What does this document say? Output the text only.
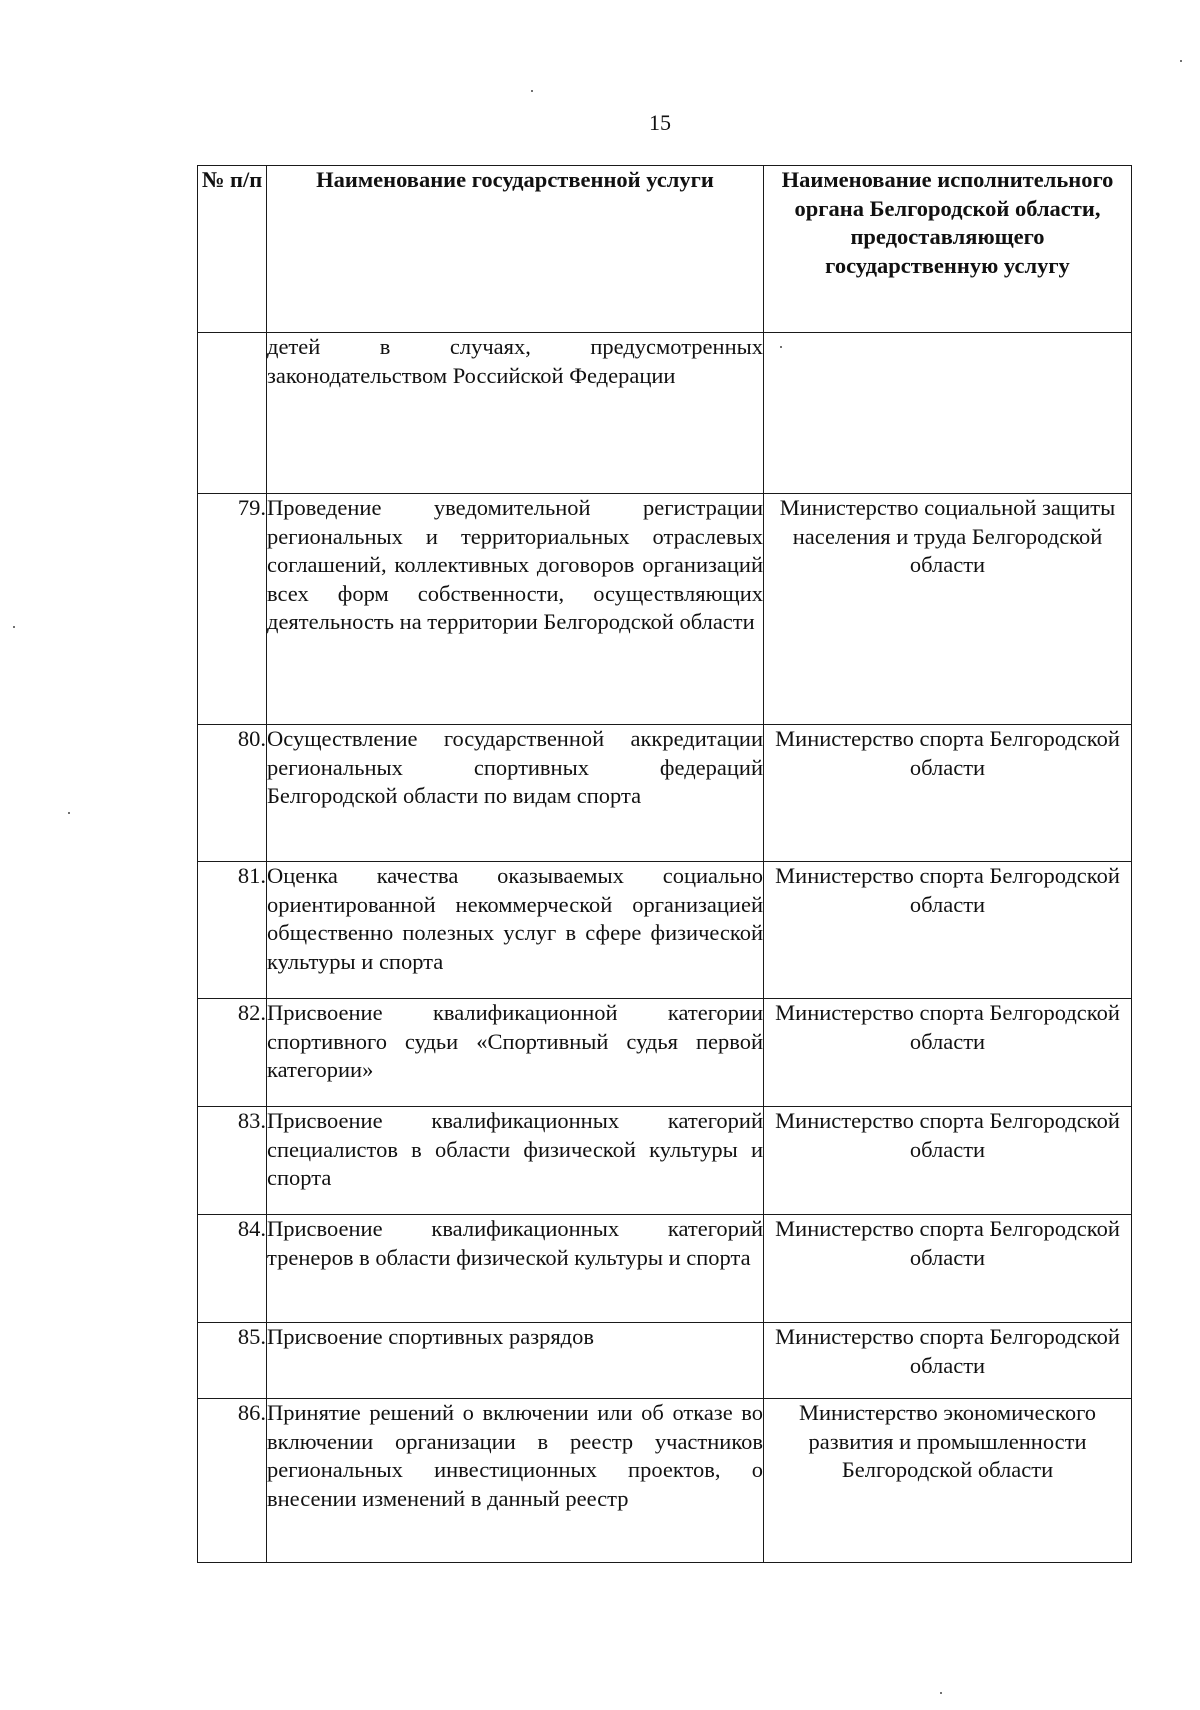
15
№ п/п	Наименование государственной услуги	Наименование исполнительного органа Белгородской области, предоставляющего государственную услугу
	детей в случаях, предусмотренных законодательством Российской Федерации	
79.	Проведение уведомительной регистрации региональных и территориальных отраслевых соглашений, коллективных договоров организаций всех форм собственности, осуществляющих деятельность на территории Белгородской области	Министерство социальной защиты населения и труда Белгородской области
80.	Осуществление государственной аккредитации региональных спортивных федераций Белгородской области по видам спорта	Министерство спорта Белгородской области
81.	Оценка качества оказываемых социально ориентированной некоммерческой организацией общественно полезных услуг в сфере физической культуры и спорта	Министерство спорта Белгородской области
82.	Присвоение квалификационной категории спортивного судьи «Спортивный судья первой категории»	Министерство спорта Белгородской области
83.	Присвоение квалификационных категорий специалистов в области физической культуры и спорта	Министерство спорта Белгородской области
84.	Присвоение квалификационных категорий тренеров в области физической культуры и спорта	Министерство спорта Белгородской области
85.	Присвоение спортивных разрядов	Министерство спорта Белгородской области
86.	Принятие решений о включении или об отказе во включении организации в реестр участников региональных инвестиционных проектов, о внесении изменений в данный реестр	Министерство экономического развития и промышленности Белгородской области
